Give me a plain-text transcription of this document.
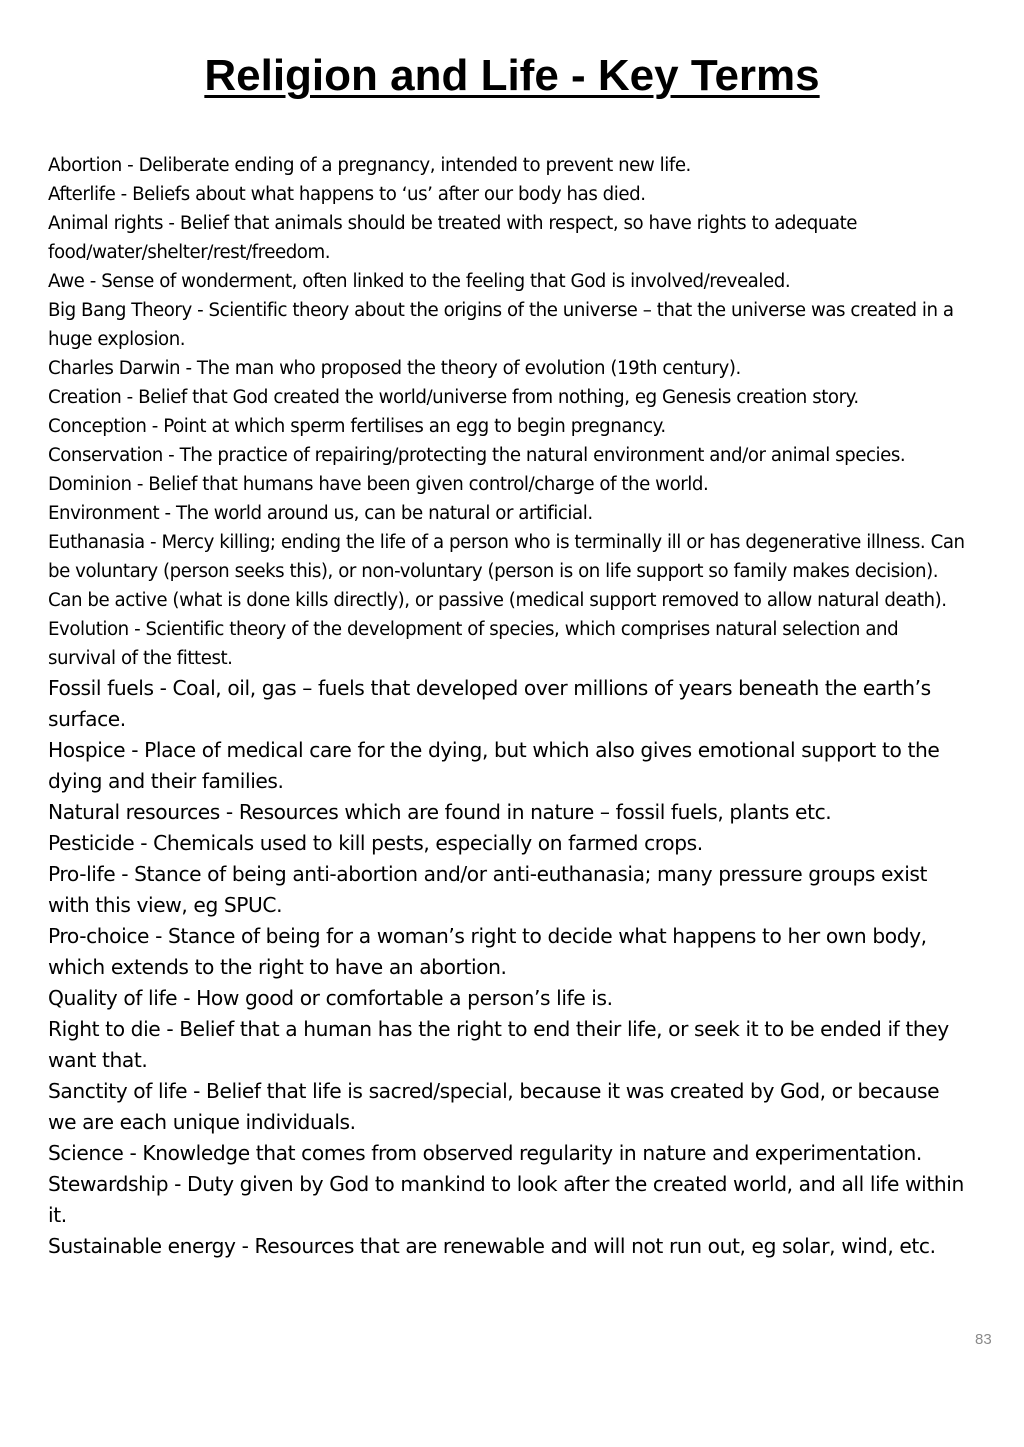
Religion and Life - Key Terms
Abortion - Deliberate ending of a pregnancy, intended to prevent new life.
Afterlife - Beliefs about what happens to ‘us’ after our body has died.
Animal rights - Belief that animals should be treated with respect, so have rights to adequate food/water/shelter/rest/freedom.
Awe - Sense of wonderment, often linked to the feeling that God is involved/revealed.
Big Bang Theory - Scientific theory about the origins of the universe – that the universe was created in a huge explosion.
Charles Darwin - The man who proposed the theory of evolution (19th century).
Creation - Belief that God created the world/universe from nothing, eg Genesis creation story.
Conception - Point at which sperm fertilises an egg to begin pregnancy.
Conservation - The practice of repairing/protecting the natural environment and/or animal species.
Dominion - Belief that humans have been given control/charge of the world.
Environment - The world around us, can be natural or artificial.
Euthanasia - Mercy killing; ending the life of a person who is terminally ill or has degenerative illness. Can be voluntary (person seeks this), or non-voluntary (person is on life support so family makes decision). Can be active (what is done kills directly), or passive (medical support removed to allow natural death).
Evolution - Scientific theory of the development of species, which comprises natural selection and survival of the fittest.
Fossil fuels - Coal, oil, gas – fuels that developed over millions of years beneath the earth’s surface.
Hospice - Place of medical care for the dying, but which also gives emotional support to the dying and their families.
Natural resources - Resources which are found in nature – fossil fuels, plants etc.
Pesticide - Chemicals used to kill pests, especially on farmed crops.
Pro-life - Stance of being anti-abortion and/or anti-euthanasia; many pressure groups exist with this view, eg SPUC.
Pro-choice - Stance of being for a woman’s right to decide what happens to her own body, which extends to the right to have an abortion.
Quality of life - How good or comfortable a person’s life is.
Right to die - Belief that a human has the right to end their life, or seek it to be ended if they want that.
Sanctity of life - Belief that life is sacred/special, because it was created by God, or because we are each unique individuals.
Science - Knowledge that comes from observed regularity in nature and experimentation.
Stewardship - Duty given by God to mankind to look after the created world, and all life within it.
Sustainable energy - Resources that are renewable and will not run out, eg solar, wind, etc.
83
